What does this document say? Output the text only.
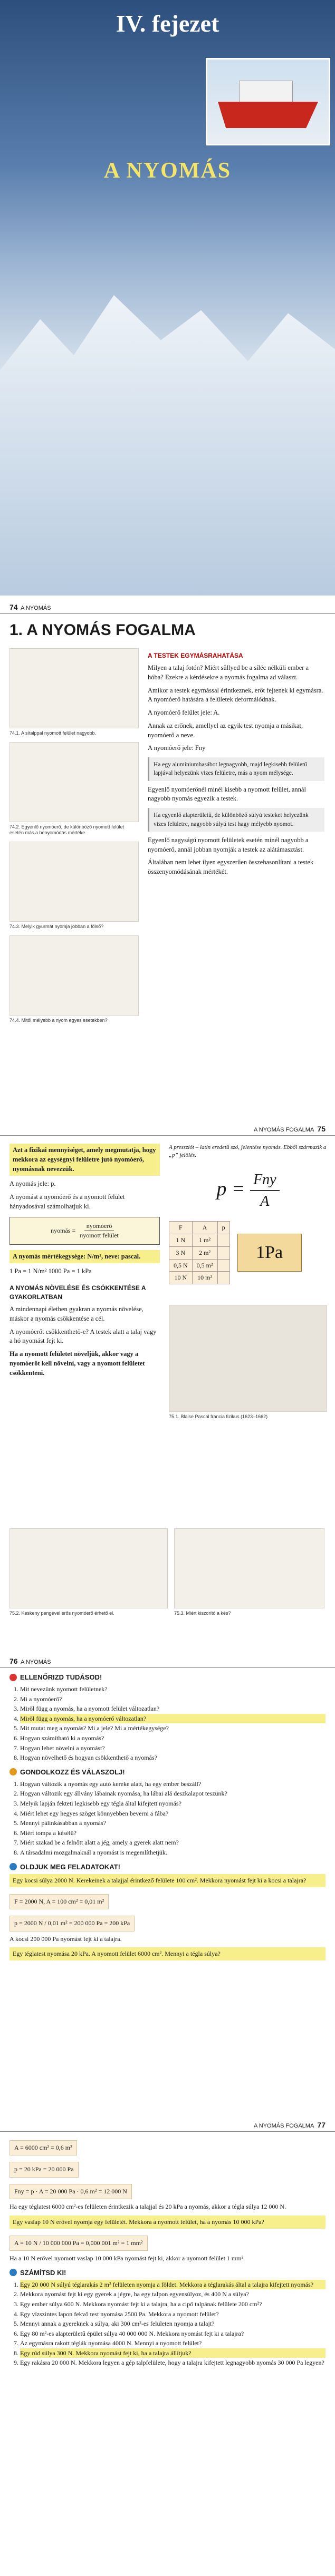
IV. fejezet
A NYOMÁS
74 A NYOMÁS
1. A NYOMÁS FOGALMA
74.1. A sítalppal nyomott felület nagyobb.
74.2. Egyenlő nyomóerő, de különböző nyomott felület esetén más a benyomódás mértéke.
74.3. Melyik gyurmát nyomja jobban a fölső?
74.4. Mitől mélyebb a nyom egyes esetekben?
A TESTEK EGYMÁSRAHATÁSA

Milyen a talaj fotón? Miért süllyed be a síléc nélküli ember a hóba? Ezekre a kérdésekre a nyomás fogalma ad választ.

Amikor a testek egymással érintkeznek, erőt fejtenek ki egymásra. A nyomóerő hatására a felületek deformálódnak.

A nyomóerő felület jele: A.

Annak az erőnek, amellyel az egyik test nyomja a másikat, nyomóerő a neve.

A nyomóerő jele: Fny

Ha egy alumíniumhasábot legnagyobb, majd legkisebb felületű lapjával helyezünk vizes felületre, más a nyom mélysége.

Egyenlő nyomóerőnél minél kisebb a nyomott felület, annál nagyobb nyomás egyezik a testek.

Ha egyenlő alapterületű, de különböző súlyú testeket helyezünk vizes felületre, nagyobb súlyú test hagy mélyebb nyomot.

Egyenlő nagyságú nyomott felületek esetén minél nagyobb a nyomóerő, annál jobban nyomják a testek az alátámasztást.

Általában nem lehet ilyen egyszerűen összehasonlítani a testek összenyomódásának mértékét.

A NYOMÁS FOGALMA 75

Azt a fizikai mennyiséget, amely megmutatja, hogy mekkora az egységnyi felületre jutó nyomóerő, nyomásnak nevezzük.

A nyomás jele: p.

A nyomást a nyomóerő és a nyomott felület hányadosával számolhatjuk ki.

nyomás =
nyomóerő
nyomott felület

A nyomás mértékegysége: N/m², neve: pascal.

1 Pa = 1 N/m² 1000 Pa = 1 kPa

A NYOMÁS NÖVELÉSE ÉS CSÖKKENTÉSE A GYAKORLATBAN

A mindennapi életben gyakran a nyomás növelése, máskor a nyomás csökkentése a cél.

A nyomóerőt csökkenthető-e? A testek alatt a talaj vagy a hó nyomást fejt ki.

Ha a nyomott felületet növeljük, akkor vagy a nyomóerőt kell növelni, vagy a nyomott felületet csökkenteni.

A pressziót – latin eredetű szó, jelentése nyomás. Ebből származik a „p” jelölés.

p = Fny
A
F	A	p
1 N	1 m²	
3 N	2 m²	
0,5 N	0,5 m²	
10 N	10 m²	
1Pa
75.1. Blaise Pascal francia fizikus (1623–1662)
75.2. Keskeny pengével erős nyomóerő érhető el.	75.3. Miért kiszorító a kés?
76 A NYOMÁS
ELLENŐRIZD TUDÁSOD!
1. Mit nevezünk nyomott felületnek?
2. Mi a nyomóerő?
3. Miről függ a nyomás, ha a nyomott felület változatlan?
4. Miről függ a nyomás, ha a nyomóerő változatlan?
5. Mit mutat meg a nyomás? Mi a jele? Mi a mértékegysége?
6. Hogyan számítható ki a nyomás?
7. Hogyan lehet növelni a nyomást?
8. Hogyan növelhető és hogyan csökkenthető a nyomás?
GONDOLKOZZ ÉS VÁLASZOLJ!
1. Hogyan változik a nyomás egy autó kereke alatt, ha egy ember beszáll?
2. Hogyan változik egy állvány lábainak nyomása, ha lábai alá deszkalapot teszünk?
3. Melyik lapján fekteti legkisebb egy tégla által kifejtett nyomás?
4. Miért lehet egy hegyes szöget könnyebben beverni a fába?
5. Mennyi pálinkásabban a nyomás?
6. Miért tompa a késélű?
7. Miért szakad be a felnőtt alatt a jég, amely a gyerek alatt nem?
8. A társadalmi mozgalmaknál a nyomást is megemlíthetjük.
OLDJUK MEG FELADATOKAT!

Egy kocsi súlya 2000 N. Kerekeinek a talajjal érintkező felülete 100 cm². Mekkora nyomást fejt ki a kocsi a talajra?

F = 2000 N, A = 100 cm² = 0,01 m²
p = 2000 N / 0,01 m² = 200 000 Pa = 200 kPa

A kocsi 200 000 Pa nyomást fejt ki a talajra.

Egy téglatest nyomása 20 kPa. A nyomott felület 6000 cm². Mennyi a tégla súlya?

A NYOMÁS FOGALMA 77
A = 6000 cm² = 0,6 m²
p = 20 kPa = 20 000 Pa
Fny = p · A = 20 000 Pa · 0,6 m² = 12 000 N

Ha egy téglatest 6000 cm²-es felületen érintkezik a talajjal és 20 kPa a nyomás, akkor a tégla súlya 12 000 N.

Egy vaslap 10 N erővel nyomja egy felületét. Mekkora a nyomott felület, ha a nyomás 10 000 kPa?

A = 10 N / 10 000 000 Pa = 0,000 001 m² = 1 mm²

Ha a 10 N erővel nyomott vaslap 10 000 kPa nyomást fejt ki, akkor a nyomott felület 1 mm².

SZÁMÍTSD KI!
1. Egy 20 000 N súlyú téglarakás 2 m² felületen nyomja a földet. Mekkora a téglarakás által a talajra kifejtett nyomás?
2. Mekkora nyomást fejt ki egy gyerek a jégre, ha egy talpon egyensúlyoz, és 400 N a súlya?
3. Egy ember súlya 600 N. Mekkora nyomást fejt ki a talajra, ha a cipő talpának felülete 200 cm²?
4. Egy vízszintes lapon fekvő test nyomása 2500 Pa. Mekkora a nyomott felület?
5. Mennyi annak a gyereknek a súlya, aki 300 cm²-es felületen nyomja a talajt?
6. Egy 80 m²-es alapterületű épület súlya 40 000 000 N. Mekkora nyomást fejt ki a talajra?
7. Az egymásra rakott téglák nyomása 4000 N. Mennyi a nyomott felület?
8. Egy rúd súlya 300 N. Mekkora nyomást fejt ki, ha a talajra állítjuk?
9. Egy rakásra 20 000 N. Mekkora legyen a gép talpfelülete, hogy a talajra kifejtett legnagyobb nyomás 30 000 Pa legyen?
